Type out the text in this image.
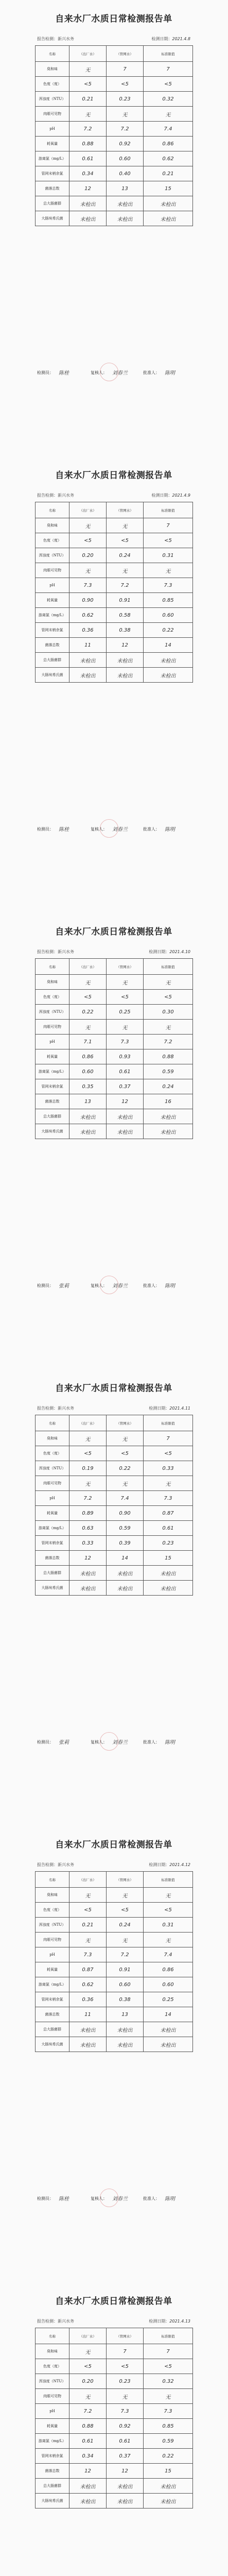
自来水厂水质日常检测报告单
报告检测：新兴水务	检测日期：2021.4.8
名称	（出厂水）	（管网水）	标准限值	
臭和味	无	7	7	
色度（度）	<5	<5	<5	
浑浊度（NTU）	0.21	0.23	0.32	
肉眼可见物	无	无	无	
pH	7.2	7.2	7.4	
耗氧量	0.88	0.92	0.86	
游离氯（mg/L）	0.61	0.60	0.62	
管网末梢余氯	0.34	0.40	0.21	
菌落总数	12	13	15	
总大肠菌群	未检出	未检出	未检出	
大肠埃希氏菌	未检出	未检出	未检出	
检测员： 陈桂	复核人： 刘春兰	批准人： 陈明
自来水厂水质日常检测报告单
报告检测：新兴水务	检测日期：2021.4.9
名称	（出厂水）	（管网水）	标准限值	
臭和味	无	无	7	
色度（度）	<5	<5	<5	
浑浊度（NTU）	0.20	0.24	0.31	
肉眼可见物	无	无	无	
pH	7.3	7.2	7.3	
耗氧量	0.90	0.91	0.85	
游离氯（mg/L）	0.62	0.58	0.60	
管网末梢余氯	0.36	0.38	0.22	
菌落总数	11	12	14	
总大肠菌群	未检出	未检出	未检出	
大肠埃希氏菌	未检出	未检出	未检出	
检测员： 陈桂	复核人： 刘春兰	批准人： 陈明
自来水厂水质日常检测报告单
报告检测：新兴水务	检测日期：2021.4.10
名称	（出厂水）	（管网水）	标准限值	
臭和味	无	无	无	
色度（度）	<5	<5	<5	
浑浊度（NTU）	0.22	0.25	0.30	
肉眼可见物	无	无	无	
pH	7.1	7.3	7.2	
耗氧量	0.86	0.93	0.88	
游离氯（mg/L）	0.60	0.61	0.59	
管网末梢余氯	0.35	0.37	0.24	
菌落总数	13	12	16	
总大肠菌群	未检出	未检出	未检出	
大肠埃希氏菌	未检出	未检出	未检出	
检测员： 张莉	复核人： 刘春兰	批准人： 陈明
自来水厂水质日常检测报告单
报告检测：新兴水务	检测日期：2021.4.11
名称	（出厂水）	（管网水）	标准限值	
臭和味	无	无	7	
色度（度）	<5	<5	<5	
浑浊度（NTU）	0.19	0.22	0.33	
肉眼可见物	无	无	无	
pH	7.2	7.4	7.3	
耗氧量	0.89	0.90	0.87	
游离氯（mg/L）	0.63	0.59	0.61	
管网末梢余氯	0.33	0.39	0.23	
菌落总数	12	14	15	
总大肠菌群	未检出	未检出	未检出	
大肠埃希氏菌	未检出	未检出	未检出	
检测员： 张莉	复核人： 刘春兰	批准人： 陈明
自来水厂水质日常检测报告单
报告检测：新兴水务	检测日期：2021.4.12
名称	（出厂水）	（管网水）	标准限值	
臭和味	无	无	无	
色度（度）	<5	<5	<5	
浑浊度（NTU）	0.21	0.24	0.31	
肉眼可见物	无	无	无	
pH	7.3	7.2	7.4	
耗氧量	0.87	0.91	0.86	
游离氯（mg/L）	0.62	0.60	0.60	
管网末梢余氯	0.36	0.38	0.25	
菌落总数	11	13	14	
总大肠菌群	未检出	未检出	未检出	
大肠埃希氏菌	未检出	未检出	未检出	
检测员： 陈桂	复核人： 刘春兰	批准人： 陈明
自来水厂水质日常检测报告单
报告检测：新兴水务	检测日期：2021.4.13
名称	（出厂水）	（管网水）	标准限值	
臭和味	无	7	7	
色度（度）	<5	<5	<5	
浑浊度（NTU）	0.20	0.23	0.32	
肉眼可见物	无	无	无	
pH	7.2	7.3	7.3	
耗氧量	0.88	0.92	0.85	
游离氯（mg/L）	0.61	0.61	0.59	
管网末梢余氯	0.34	0.37	0.22	
菌落总数	12	12	15	
总大肠菌群	未检出	未检出	未检出	
大肠埃希氏菌	未检出	未检出	未检出	
